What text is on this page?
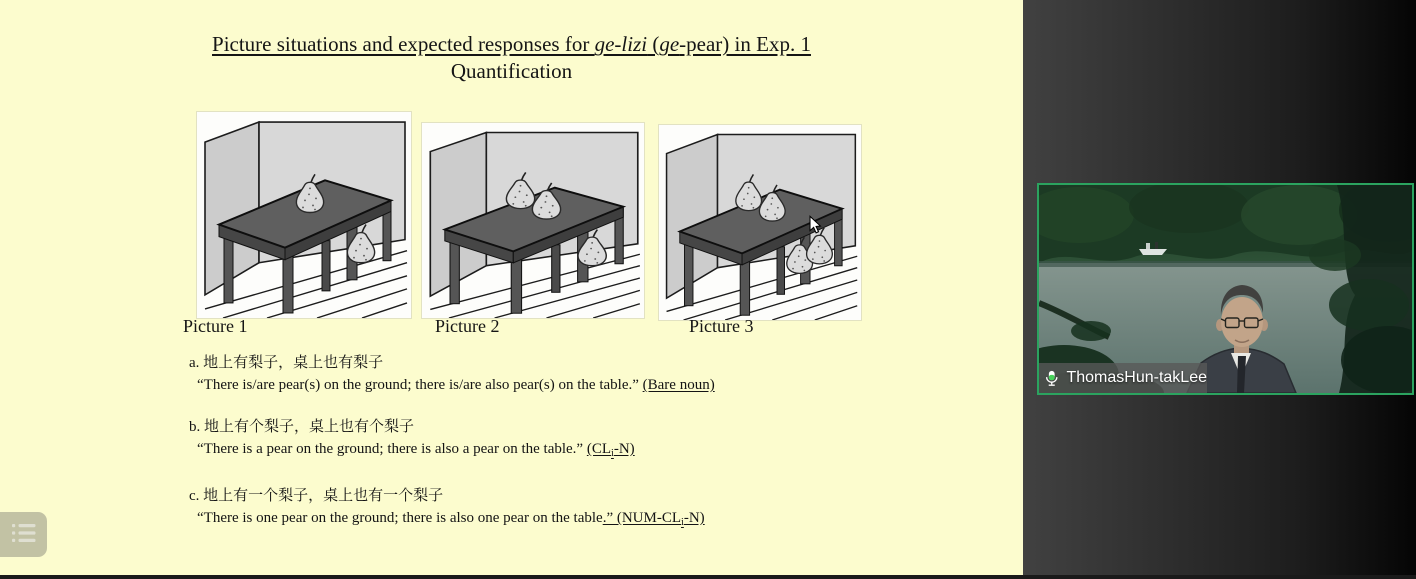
Picture situations and expected responses for ge-lizi (ge-pear) in Exp. 1
Quantification
Picture 1	Picture 2	Picture 3
a. 地上有梨子，桌上也有梨子
“There is/are pear(s) on the ground; there is/are also pear(s) on the table.” (Bare noun)
b. 地上有个梨子，桌上也有个梨子
“There is a pear on the ground; there is also a pear on the table.” (CLi-N)
c. 地上有一个梨子，桌上也有一个梨子
“There is one pear on the ground; there is also one pear on the table.” (NUM-CLi-N)
ThomasHun-takLee
